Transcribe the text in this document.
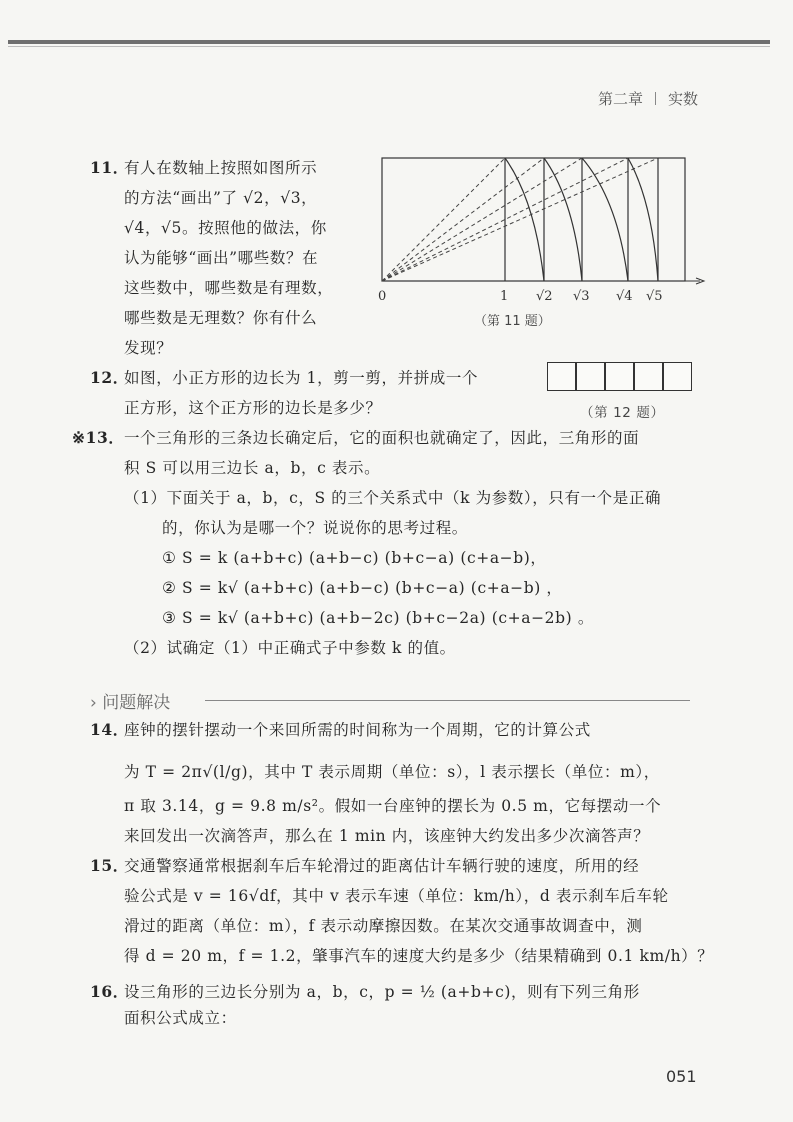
第二章 实数
11．
有人在数轴上按照如图所示
的方法“画出”了 √2，√3，
√4，√5。按照他的做法，你
认为能够“画出”哪些数？在
这些数中，哪些数是有理数，
哪些数是无理数？你有什么
发现？
0	1 √2 √3 √4 √5
（第 11 题）
12．
如图，小正方形的边长为 1，剪一剪，并拼成一个
正方形，这个正方形的边长是多少？	（第 12 题）
※13． 一个三角形的三条边长确定后，它的面积也就确定了，因此，三角形的面
积 S 可以用三边长 a，b，c 表示。
（1）下面关于 a，b，c，S 的三个关系式中（k 为参数），只有一个是正确
的，你认为是哪一个？说说你的思考过程。
① S = k (a+b+c) (a+b−c) (b+c−a) (c+a−b)，
② S = k√ (a+b+c) (a+b−c) (b+c−a) (c+a−b) ，
③ S = k√ (a+b+c) (a+b−2c) (b+c−2a) (c+a−2b) 。
（2）试确定（1）中正确式子中参数 k 的值。
› 问题解决
14．
座钟的摆针摆动一个来回所需的时间称为一个周期，它的计算公式
为 T = 2π√(l/g)，其中 T 表示周期（单位：s），l 表示摆长（单位：m），
π 取 3.14，g = 9.8 m/s²。假如一台座钟的摆长为 0.5 m，它每摆动一个
来回发出一次滴答声，那么在 1 min 内，该座钟大约发出多少次滴答声？
15．
交通警察通常根据刹车后车轮滑过的距离估计车辆行驶的速度，所用的经
验公式是 v = 16√df，其中 v 表示车速（单位：km/h），d 表示刹车后车轮
滑过的距离（单位：m），f 表示动摩擦因数。在某次交通事故调查中，测
得 d = 20 m，f = 1.2，肇事汽车的速度大约是多少（结果精确到 0.1 km/h）？
16．
设三角形的三边长分别为 a，b，c，p = ½ (a+b+c)，则有下列三角形
面积公式成立：
051
